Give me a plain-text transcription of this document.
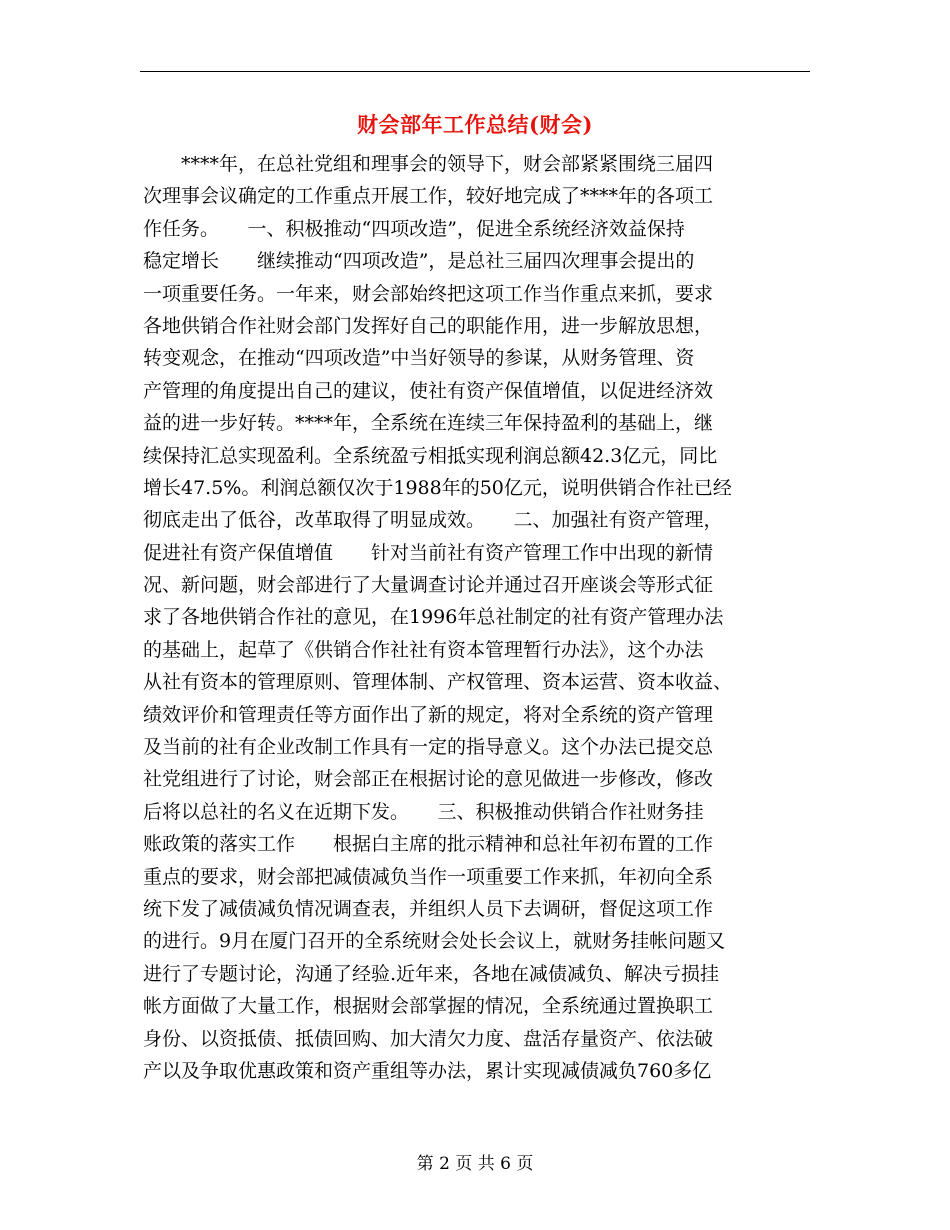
财会部年工作总结(财会)
　　****年，在总社党组和理事会的领导下，财会部紧紧围绕三届四
次理事会议确定的工作重点开展工作，较好地完成了****年的各项工
作任务。　　一、积极推动“四项改造”，促进全系统经济效益保持
稳定增长　　继续推动“四项改造”，是总社三届四次理事会提出的
一项重要任务。一年来，财会部始终把这项工作当作重点来抓，要求
各地供销合作社财会部门发挥好自己的职能作用，进一步解放思想，
转变观念，在推动“四项改造”中当好领导的参谋，从财务管理、资
产管理的角度提出自己的建议，使社有资产保值增值，以促进经济效
益的进一步好转。****年，全系统在连续三年保持盈利的基础上，继
续保持汇总实现盈利。全系统盈亏相抵实现利润总额42.3亿元，同比
增长47.5%。利润总额仅次于1988年的50亿元，说明供销合作社已经
彻底走出了低谷，改革取得了明显成效。　　二、加强社有资产管理，
促进社有资产保值增值　　针对当前社有资产管理工作中出现的新情
况、新问题，财会部进行了大量调查讨论并通过召开座谈会等形式征
求了各地供销合作社的意见，在1996年总社制定的社有资产管理办法
的基础上，起草了《供销合作社社有资本管理暂行办法》，这个办法
从社有资本的管理原则、管理体制、产权管理、资本运营、资本收益、
绩效评价和管理责任等方面作出了新的规定，将对全系统的资产管理
及当前的社有企业改制工作具有一定的指导意义。这个办法已提交总
社党组进行了讨论，财会部正在根据讨论的意见做进一步修改，修改
后将以总社的名义在近期下发。　　三、积极推动供销合作社财务挂
账政策的落实工作　　根据白主席的批示精神和总社年初布置的工作
重点的要求，财会部把减债减负当作一项重要工作来抓，年初向全系
统下发了减债减负情况调查表，并组织人员下去调研，督促这项工作
的进行。9月在厦门召开的全系统财会处长会议上，就财务挂帐问题又
进行了专题讨论，沟通了经验.近年来，各地在减债减负、解决亏损挂
帐方面做了大量工作，根据财会部掌握的情况，全系统通过置换职工
身份、以资抵债、抵债回购、加大清欠力度、盘活存量资产、依法破
产以及争取优惠政策和资产重组等办法，累计实现减债减负760多亿
第 2 页 共 6 页
